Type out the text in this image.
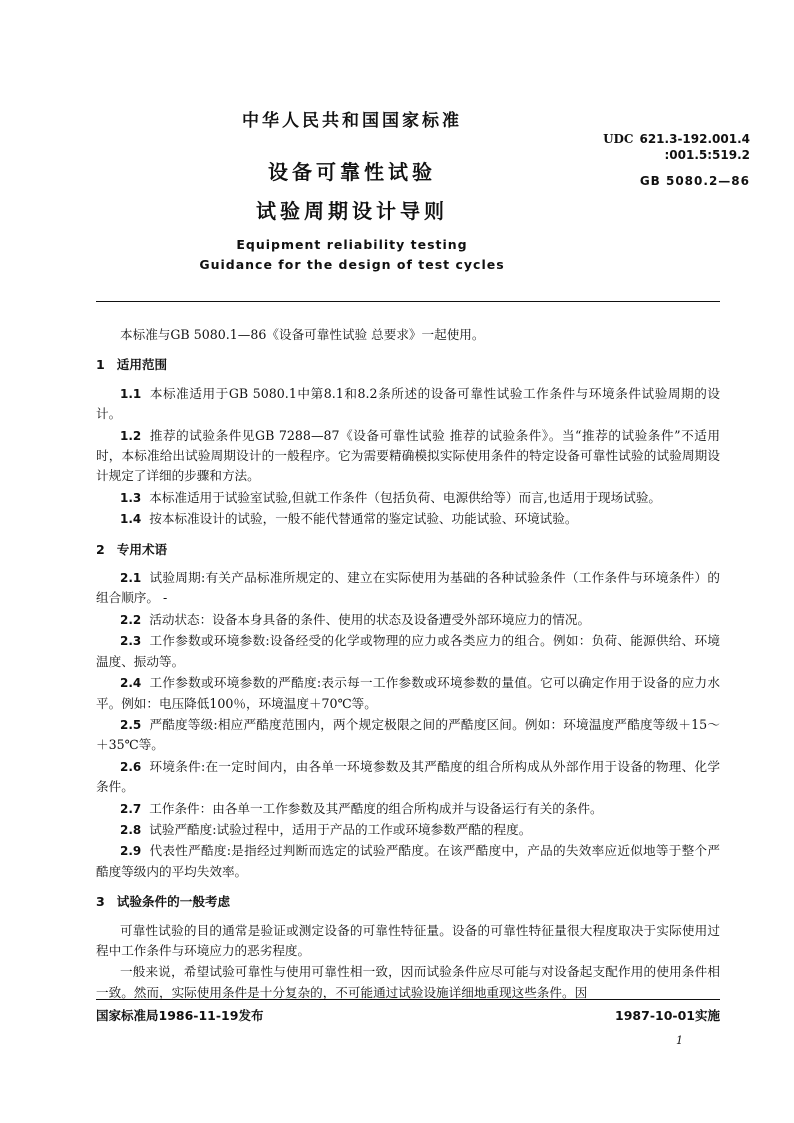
中华人民共和国国家标准
UDC 621.3-192.001.4
:001.5:519.2
GB 5080.2—86
设备可靠性试验
试验周期设计导则
Equipment reliability testing
Guidance for the design of test cycles

本标准与GB 5080.1—86《设备可靠性试验 总要求》一起使用。

1 适用范围

1.1 本标准适用于GB 5080.1中第8.1和8.2条所述的设备可靠性试验工作条件与环境条件试验周期的设计。

1.2 推荐的试验条件见GB 7288—87《设备可靠性试验 推荐的试验条件》。当“推荐的试验条件”不适用时，本标准给出试验周期设计的一般程序。它为需要精确模拟实际使用条件的特定设备可靠性试验的试验周期设计规定了详细的步骤和方法。

1.3 本标准适用于试验室试验,但就工作条件（包括负荷、电源供给等）而言,也适用于现场试验。

1.4 按本标准设计的试验，一般不能代替通常的鉴定试验、功能试验、环境试验。

2 专用术语

2.1 试验周期:有关产品标准所规定的、建立在实际使用为基础的各种试验条件（工作条件与环境条件）的组合顺序。 -

2.2 活动状态：设备本身具备的条件、使用的状态及设备遭受外部环境应力的情况。

2.3 工作参数或环境参数:设备经受的化学或物理的应力或各类应力的组合。例如：负荷、能源供给、环境温度、振动等。

2.4 工作参数或环境参数的严酷度:表示每一工作参数或环境参数的量值。它可以确定作用于设备的应力水平。例如：电压降低100％，环境温度＋70℃等。

2.5 严酷度等级:相应严酷度范围内，两个规定极限之间的严酷度区间。例如：环境温度严酷度等级＋15～＋35℃等。

2.6 环境条件:在一定时间内，由各单一环境参数及其严酷度的组合所构成从外部作用于设备的物理、化学条件。

2.7 工作条件：由各单一工作参数及其严酷度的组合所构成并与设备运行有关的条件。

2.8 试验严酷度:试验过程中，适用于产品的工作或环境参数严酷的程度。

2.9 代表性严酷度:是指经过判断而选定的试验严酷度。在该严酷度中，产品的失效率应近似地等于整个严酷度等级内的平均失效率。

3 试验条件的一般考虑

可靠性试验的目的通常是验证或测定设备的可靠性特征量。设备的可靠性特征量很大程度取决于实际使用过程中工作条件与环境应力的恶劣程度。

一般来说，希望试验可靠性与使用可靠性相一致，因而试验条件应尽可能与对设备起支配作用的使用条件相一致。然而，实际使用条件是十分复杂的，不可能通过试验设施详细地重现这些条件。因

国家标准局1986-11-19发布	1987-10-01实施
1
